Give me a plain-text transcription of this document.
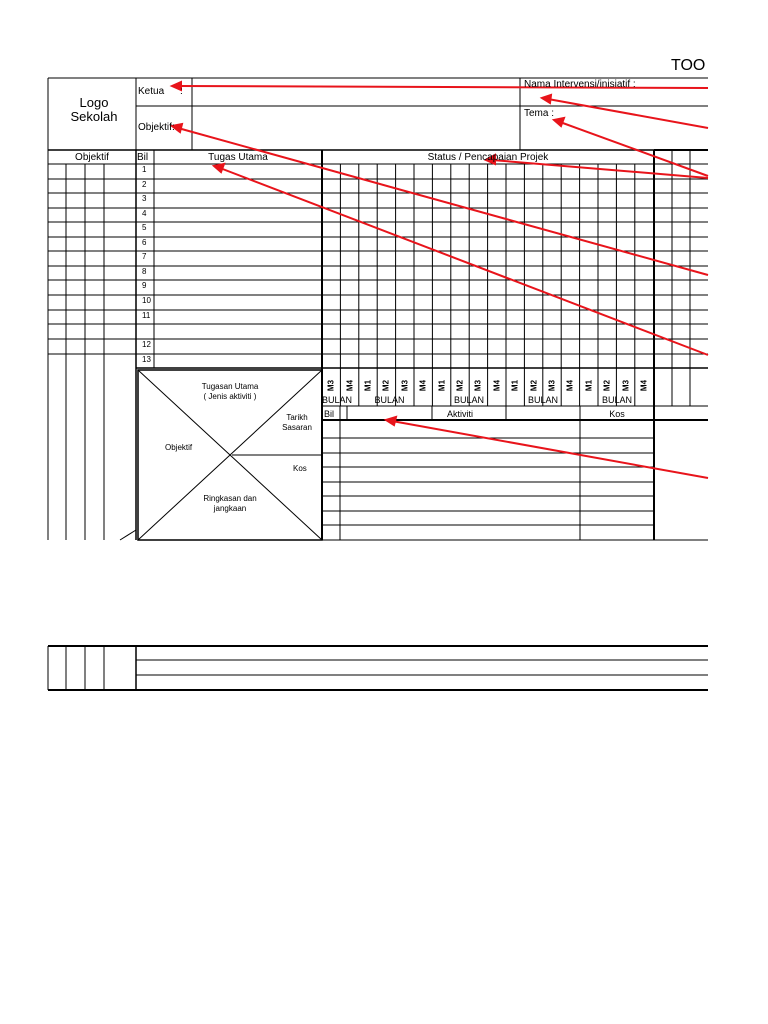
TOO
Logo Sekolah
Ketua :
Objektif :
Nama Intervensi/inisiatif :
Tema :
Objektif	Bil	Tugas Utama	Status / Pencapaian Projek
1
2
3
4
5
6
7
8
9
10
11
12
13
M3 M4 M1 M2 M3 M4 M1 M2 M3 M4 M1 M2 M3 M4 M1 M2 M3 M4
BULAN	BULAN	BULAN	BULAN	BULAN
Tugasan Utama
( Jenis aktiviti )
Tarikh
Sasaran
Kos
Objektif
Ringkasan dan
jangkaan
Bil	Aktiviti	Kos
